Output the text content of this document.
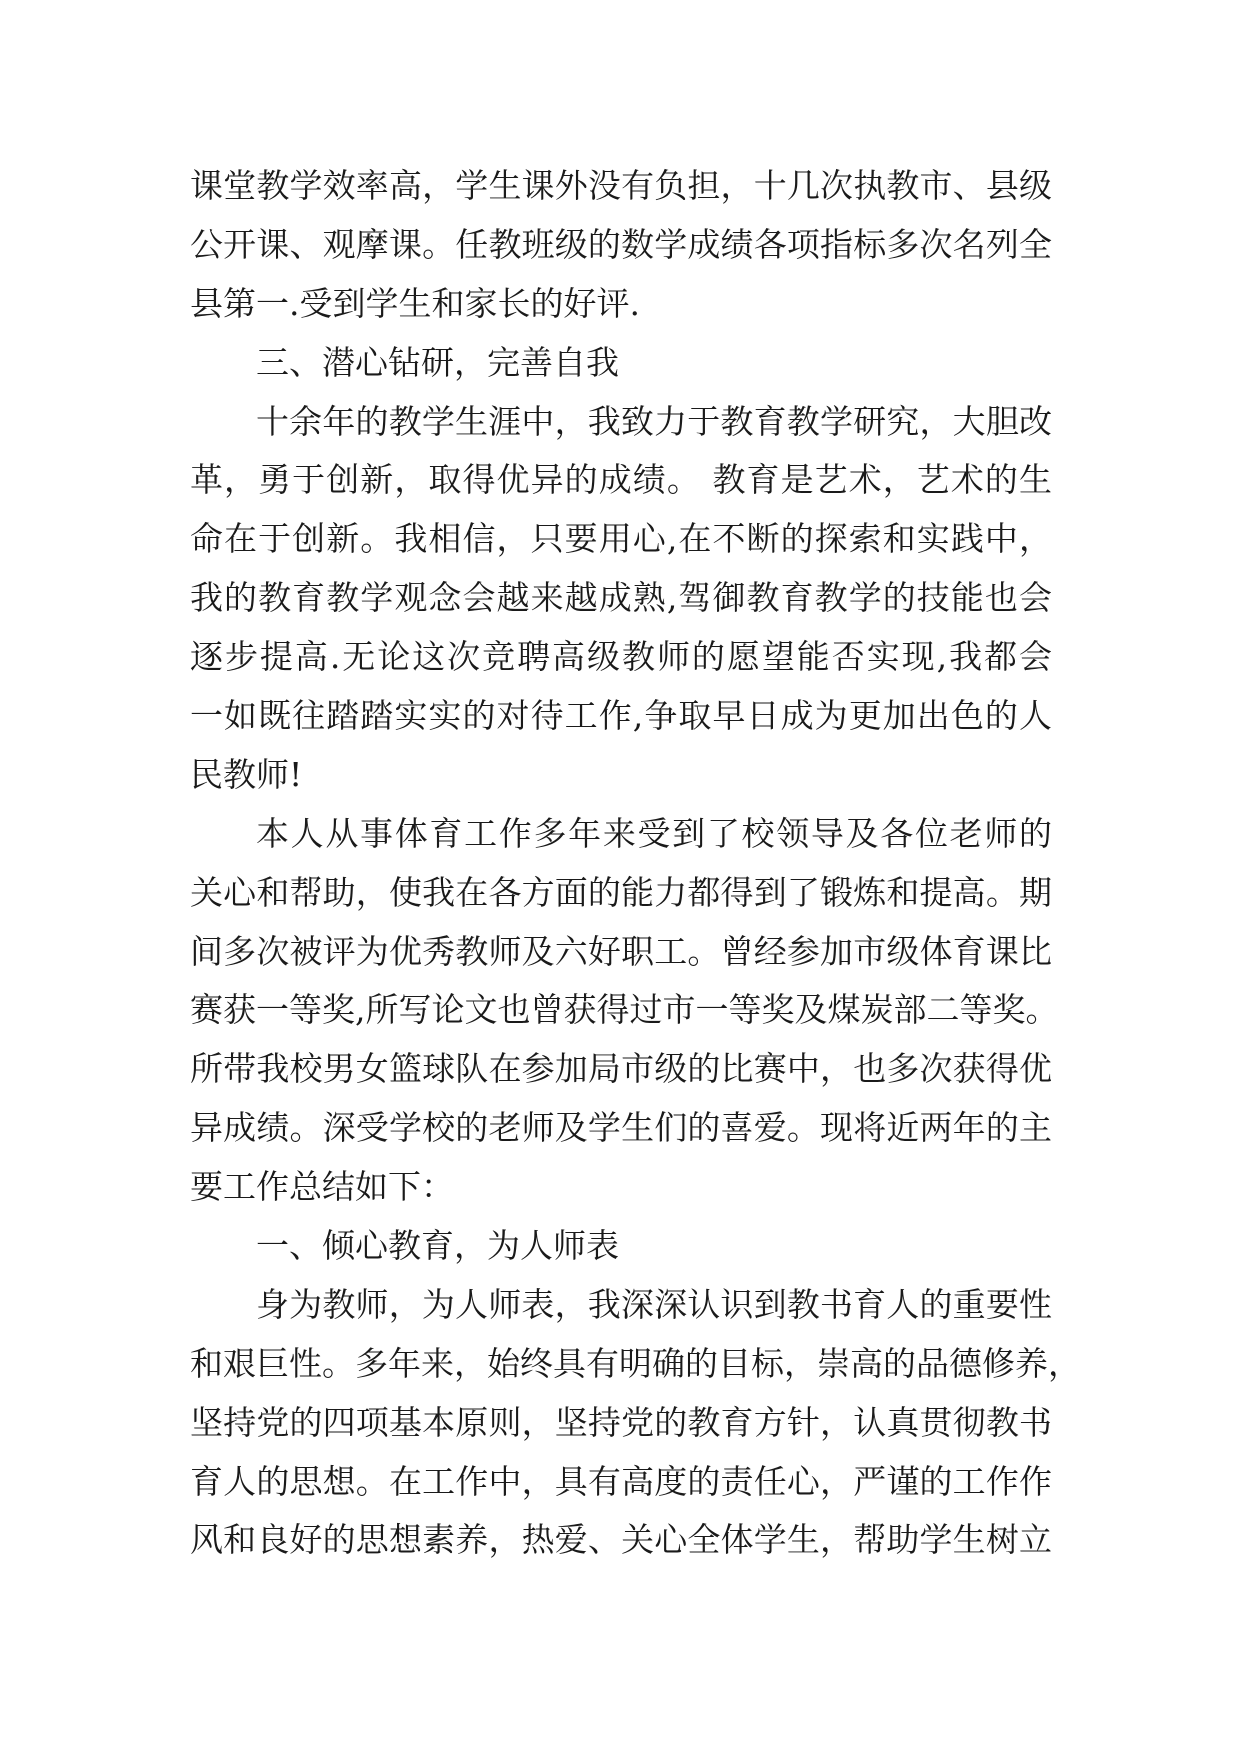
课堂教学效率高，学生课外没有负担，十几次执教市、县级
公开课、观摩课。任教班级的数学成绩各项指标多次名列全
县第一.受到学生和家长的好评.
三、潜心钻研，完善自我
十余年的教学生涯中，我致力于教育教学研究，大胆改
革，勇于创新，取得优异的成绩。 教育是艺术，艺术的生
命在于创新。我相信，只要用心,在不断的探索和实践中，
我的教育教学观念会越来越成熟,驾御教育教学的技能也会
逐步提高.无论这次竞聘高级教师的愿望能否实现,我都会
一如既往踏踏实实的对待工作,争取早日成为更加出色的人
民教师!
本人从事体育工作多年来受到了校领导及各位老师的
关心和帮助，使我在各方面的能力都得到了锻炼和提高。期
间多次被评为优秀教师及六好职工。曾经参加市级体育课比
赛获一等奖,所写论文也曾获得过市一等奖及煤炭部二等奖。
所带我校男女篮球队在参加局市级的比赛中，也多次获得优
异成绩。深受学校的老师及学生们的喜爱。现将近两年的主
要工作总结如下：
一、倾心教育，为人师表
身为教师，为人师表，我深深认识到教书育人的重要性
和艰巨性。多年来，始终具有明确的目标，崇高的品德修养，
坚持党的四项基本原则，坚持党的教育方针，认真贯彻教书
育人的思想。在工作中，具有高度的责任心，严谨的工作作
风和良好的思想素养，热爱、关心全体学生，帮助学生树立
